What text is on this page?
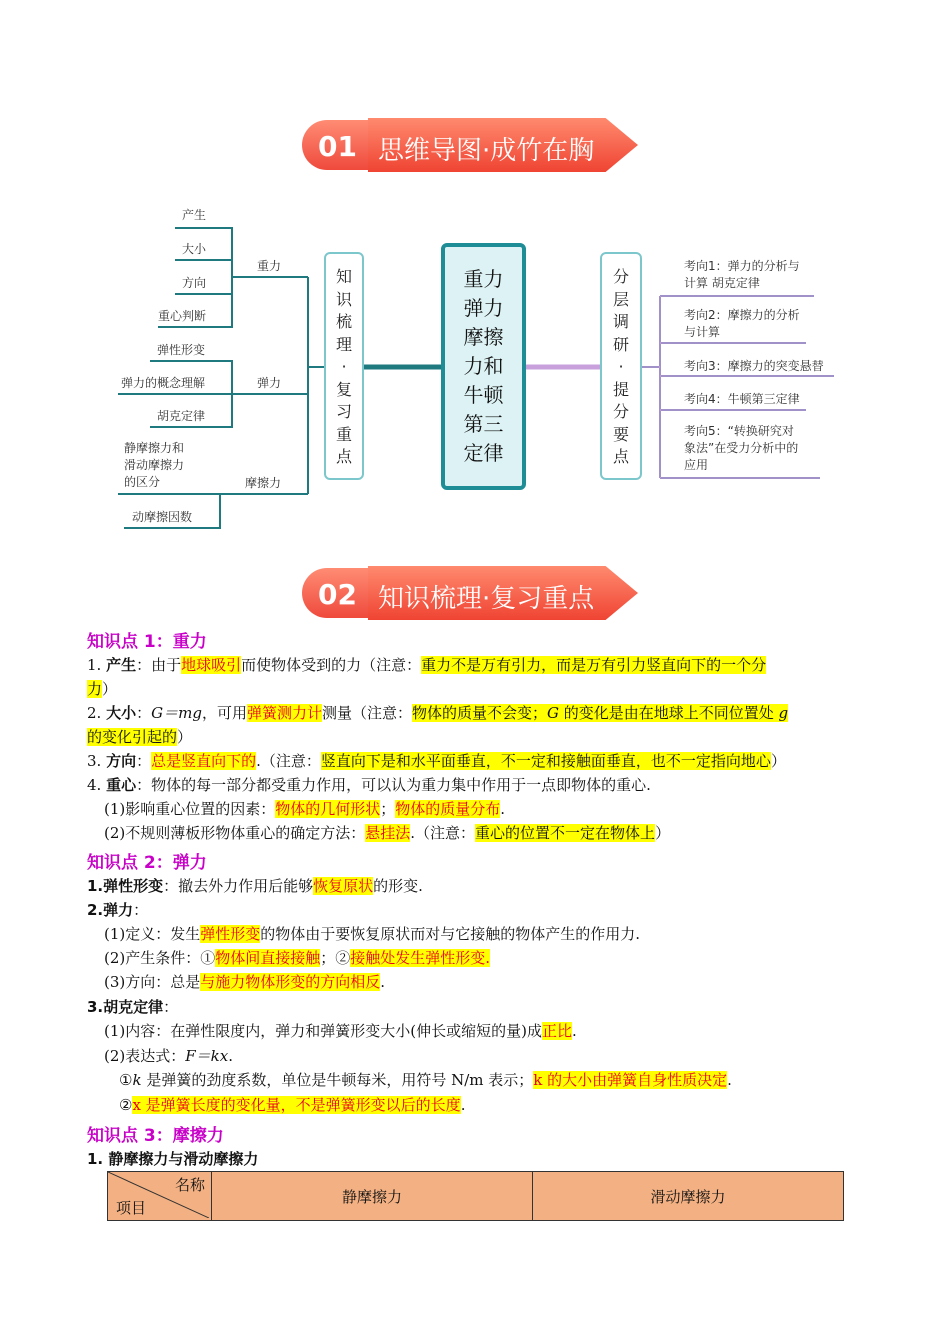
01 思维导图·成竹在胸
产生
大小
方向
重心判断
重力
弹性形变
弹力的概念理解
胡克定律
弹力
静摩擦力和
滑动摩擦力
的区分
动摩擦因数
摩擦力
知
识
梳
理
·
复
习
重
点
重力
弹力
摩擦
力和
牛顿
第三
定律
分
层
调
研
·
提
分
要
点
考向1：弹力的分析与
计算 胡克定律
考向2：摩擦力的分析
与计算
考向3：摩擦力的突变悬替
考向4：牛顿第三定律
考向5：“转换研究对
象法”在受力分析中的
应用
02 知识梳理·复习重点
知识点 1：重力
1. 产生：由于地球吸引而使物体受到的力（注意：重力不是万有引力，而是万有引力竖直向下的一个分
力）
2. 大小：G＝mg，可用弹簧测力计测量（注意：物体的质量不会变；G 的变化是由在地球上不同位置处 g
的变化引起的）
3. 方向：总是竖直向下的.（注意：竖直向下是和水平面垂直，不一定和接触面垂直，也不一定指向地心）
4. 重心：物体的每一部分都受重力作用，可以认为重力集中作用于一点即物体的重心.
(1)影响重心位置的因素：物体的几何形状；物体的质量分布.
(2)不规则薄板形物体重心的确定方法：悬挂法.（注意：重心的位置不一定在物体上）
知识点 2：弹力
1.弹性形变：撤去外力作用后能够恢复原状的形变.
2.弹力：
(1)定义：发生弹性形变的物体由于要恢复原状而对与它接触的物体产生的作用力.
(2)产生条件：①物体间直接接触；②接触处发生弹性形变.
(3)方向：总是与施力物体形变的方向相反.
3.胡克定律：
(1)内容：在弹性限度内，弹力和弹簧形变大小(伸长或缩短的量)成正比.
(2)表达式：F＝kx.
①k 是弹簧的劲度系数，单位是牛顿每米，用符号 N/m 表示；k 的大小由弹簧自身性质决定.
②x 是弹簧长度的变化量，不是弹簧形变以后的长度.
知识点 3：摩擦力
1. 静摩擦力与滑动摩擦力
名称
项目
	静摩擦力	滑动摩擦力
